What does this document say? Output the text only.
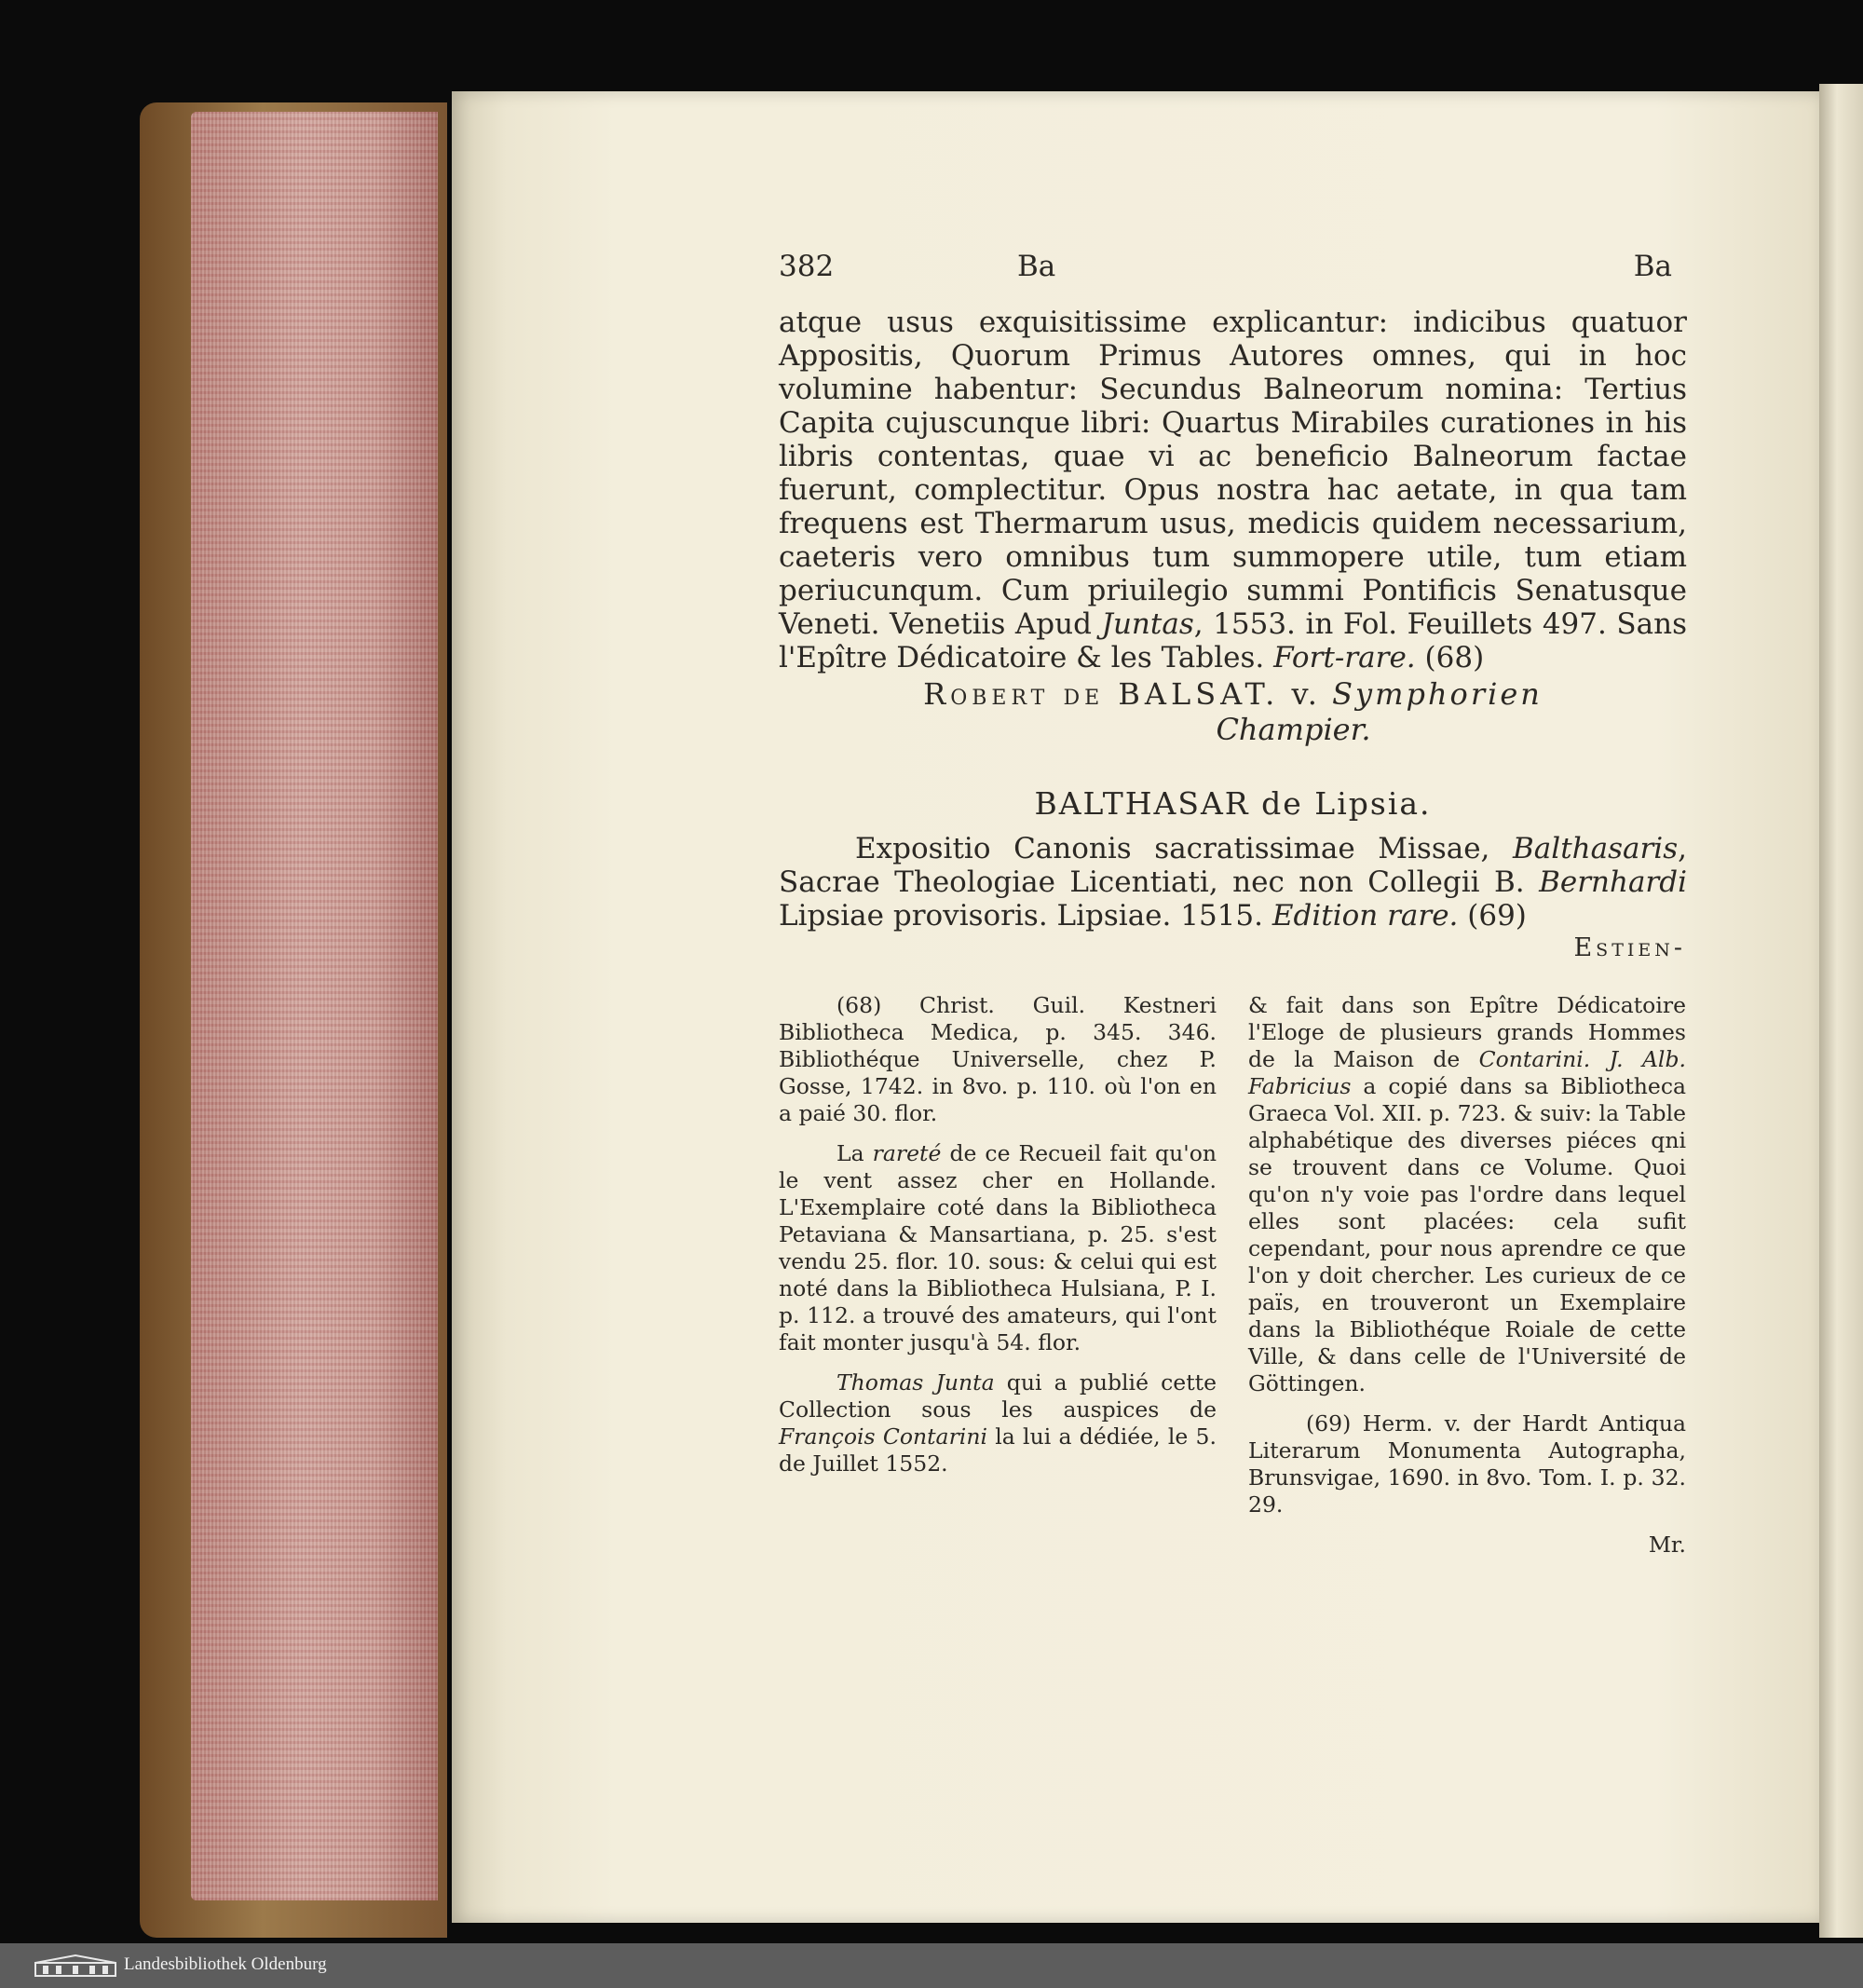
382	Ba	Ba

atque usus exquisitissime explicantur: indicibus quatuor Appositis, Quorum Primus Autores omnes, qui in hoc volumine habentur: Secundus Balneorum nomina: Tertius Capita cujuscunque libri: Quartus Mirabiles curationes in his libris contentas, quae vi ac beneficio Balneorum factae fuerunt, complectitur. Opus nostra hac aetate, in qua tam frequens est Thermarum usus, medicis quidem necessarium, caeteris vero omnibus tum summopere utile, tum etiam periucunqum. Cum priuilegio summi Pontificis Senatusque Veneti. Venetiis Apud Juntas, 1553. in Fol. Feuillets 497. Sans l'Epître Dédicatoire & les Tables. Fort-rare. (68)

Robert de BALSAT. v. Symphorien
Champier.
BALTHASAR de Lipsia.
Expositio Canonis sacratissimae Missae, Balthasaris, Sacrae Theologiae Licentiati, nec non Collegii B. Bernhardi Lipsiae provisoris. Lipsiae. 1515. Edition rare. (69)
Estien-

(68) Christ. Guil. Kestneri Bibliotheca Medica, p. 345. 346. Bibliothéque Universelle, chez P. Gosse, 1742. in 8vo. p. 110. où l'on en a paié 30. flor.

La rareté de ce Recueil fait qu'on le vent assez cher en Hollande. L'Exemplaire coté dans la Bibliotheca Petaviana & Mansartiana, p. 25. s'est vendu 25. flor. 10. sous: & celui qui est noté dans la Bibliotheca Hulsiana, P. I. p. 112. a trouvé des amateurs, qui l'ont fait monter jusqu'à 54. flor.

Thomas Junta qui a publié cette Collection sous les auspices de François Contarini la lui a dédiée, le 5. de Juillet 1552.

& fait dans son Epître Dédicatoire l'Eloge de plusieurs grands Hommes de la Maison de Contarini. J. Alb. Fabricius a copié dans sa Bibliotheca Graeca Vol. XII. p. 723. & suiv: la Table alphabétique des diverses piéces qni se trouvent dans ce Volume. Quoi qu'on n'y voie pas l'ordre dans lequel elles sont placées: cela sufit cependant, pour nous aprendre ce que l'on y doit chercher. Les curieux de ce païs, en trouveront un Exemplaire dans la Bibliothéque Roiale de cette Ville, & dans celle de l'Université de Göttingen.

(69) Herm. v. der Hardt Antiqua Literarum Monumenta Autographa, Brunsvigae, 1690. in 8vo. Tom. I. p. 32. 29.

Mr.
Landesbibliothek Oldenburg
